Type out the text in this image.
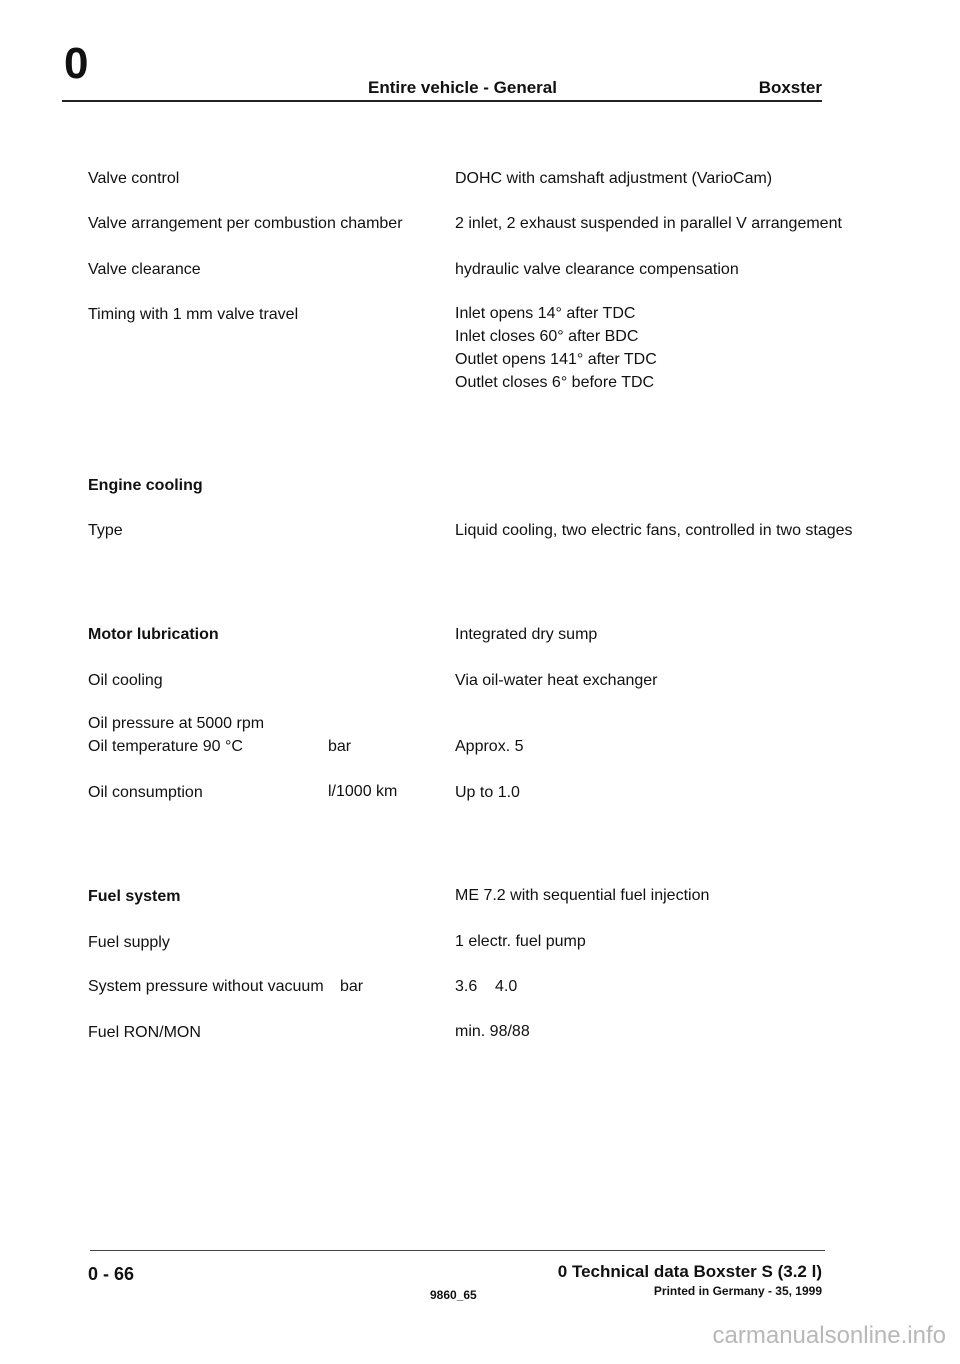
0	Entire vehicle - General	Boxster
Valve control	DOHC with camshaft adjustment (VarioCam)
Valve arrangement per combustion chamber	2 inlet, 2 exhaust suspended in parallel V arrangement
Valve clearance	hydraulic valve clearance compensation
Timing with 1 mm valve travel	Inlet opens 14° after TDC
Inlet closes 60° after BDC
Outlet opens 141° after TDC
Outlet closes 6° before TDC
Engine cooling
Type	Liquid cooling, two electric fans, controlled in two stages
Motor lubrication	Integrated dry sump
Oil cooling	Via oil-water heat exchanger
Oil pressure at 5000 rpm
Oil temperature 90 °C	bar	Approx. 5
Oil consumption	l/1000 km	Up to 1.0
Fuel system	ME 7.2 with sequential fuel injection
Fuel supply	1 electr. fuel pump
System pressure without vacuum bar	3.6    4.0
Fuel RON/MON	min. 98/88
0 - 66	0 Technical data Boxster S (3.2 l)
9860_65	Printed in Germany - 35, 1999
carmanualsonline.info
